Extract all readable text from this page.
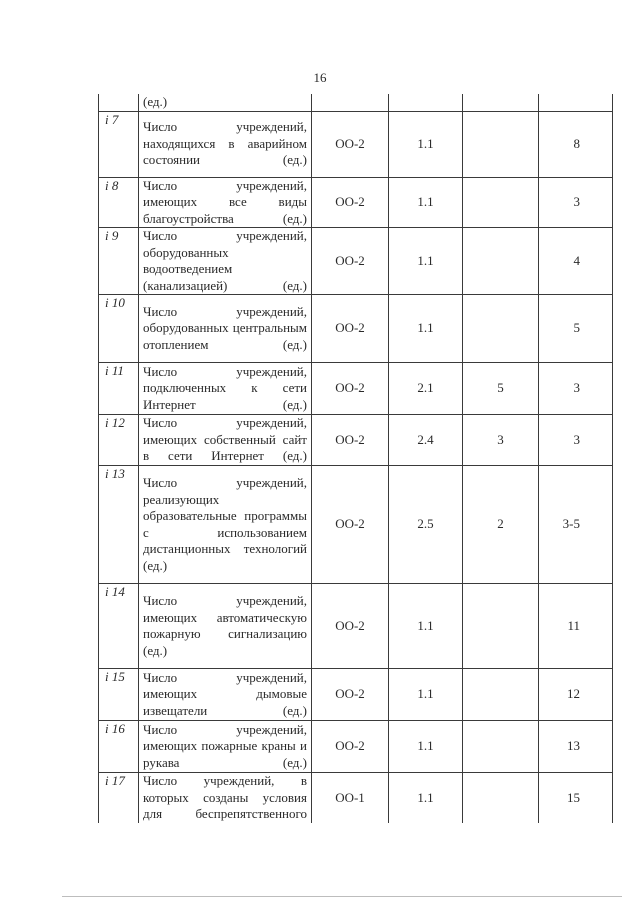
16
	(ед.)				
i 7	Число учреждений, находящихся в аварийном состоянии (ед.)	ОО-2	1.1		8
i 8	Число учреждений, имеющих все виды благоустройства (ед.)	ОО-2	1.1		3
i 9	Число учреждений, оборудованных водоотведением (канализацией) (ед.)	ОО-2	1.1		4
i 10	Число учреждений, оборудованных центральным отоплением (ед.)	ОО-2	1.1		5
i 11	Число учреждений, подключенных к сети Интернет (ед.)	ОО-2	2.1	5	3
i 12	Число учреждений, имеющих собственный сайт в сети Интернет (ед.)	ОО-2	2.4	3	3
i 13	Число учреждений, реализующих образовательные программы с использованием дистанционных технологий (ед.)	ОО-2	2.5	2	3-5
i 14	Число учреждений, имеющих автоматическую пожарную сигнализацию (ед.)	ОО-2	1.1		11
i 15	Число учреждений, имеющих дымовые извещатели (ед.)	ОО-2	1.1		12
i 16	Число учреждений, имеющих пожарные краны и рукава (ед.)	ОО-2	1.1		13
i 17	Число учреждений, в которых созданы условия для беспрепятственного	ОО-1	1.1		15
